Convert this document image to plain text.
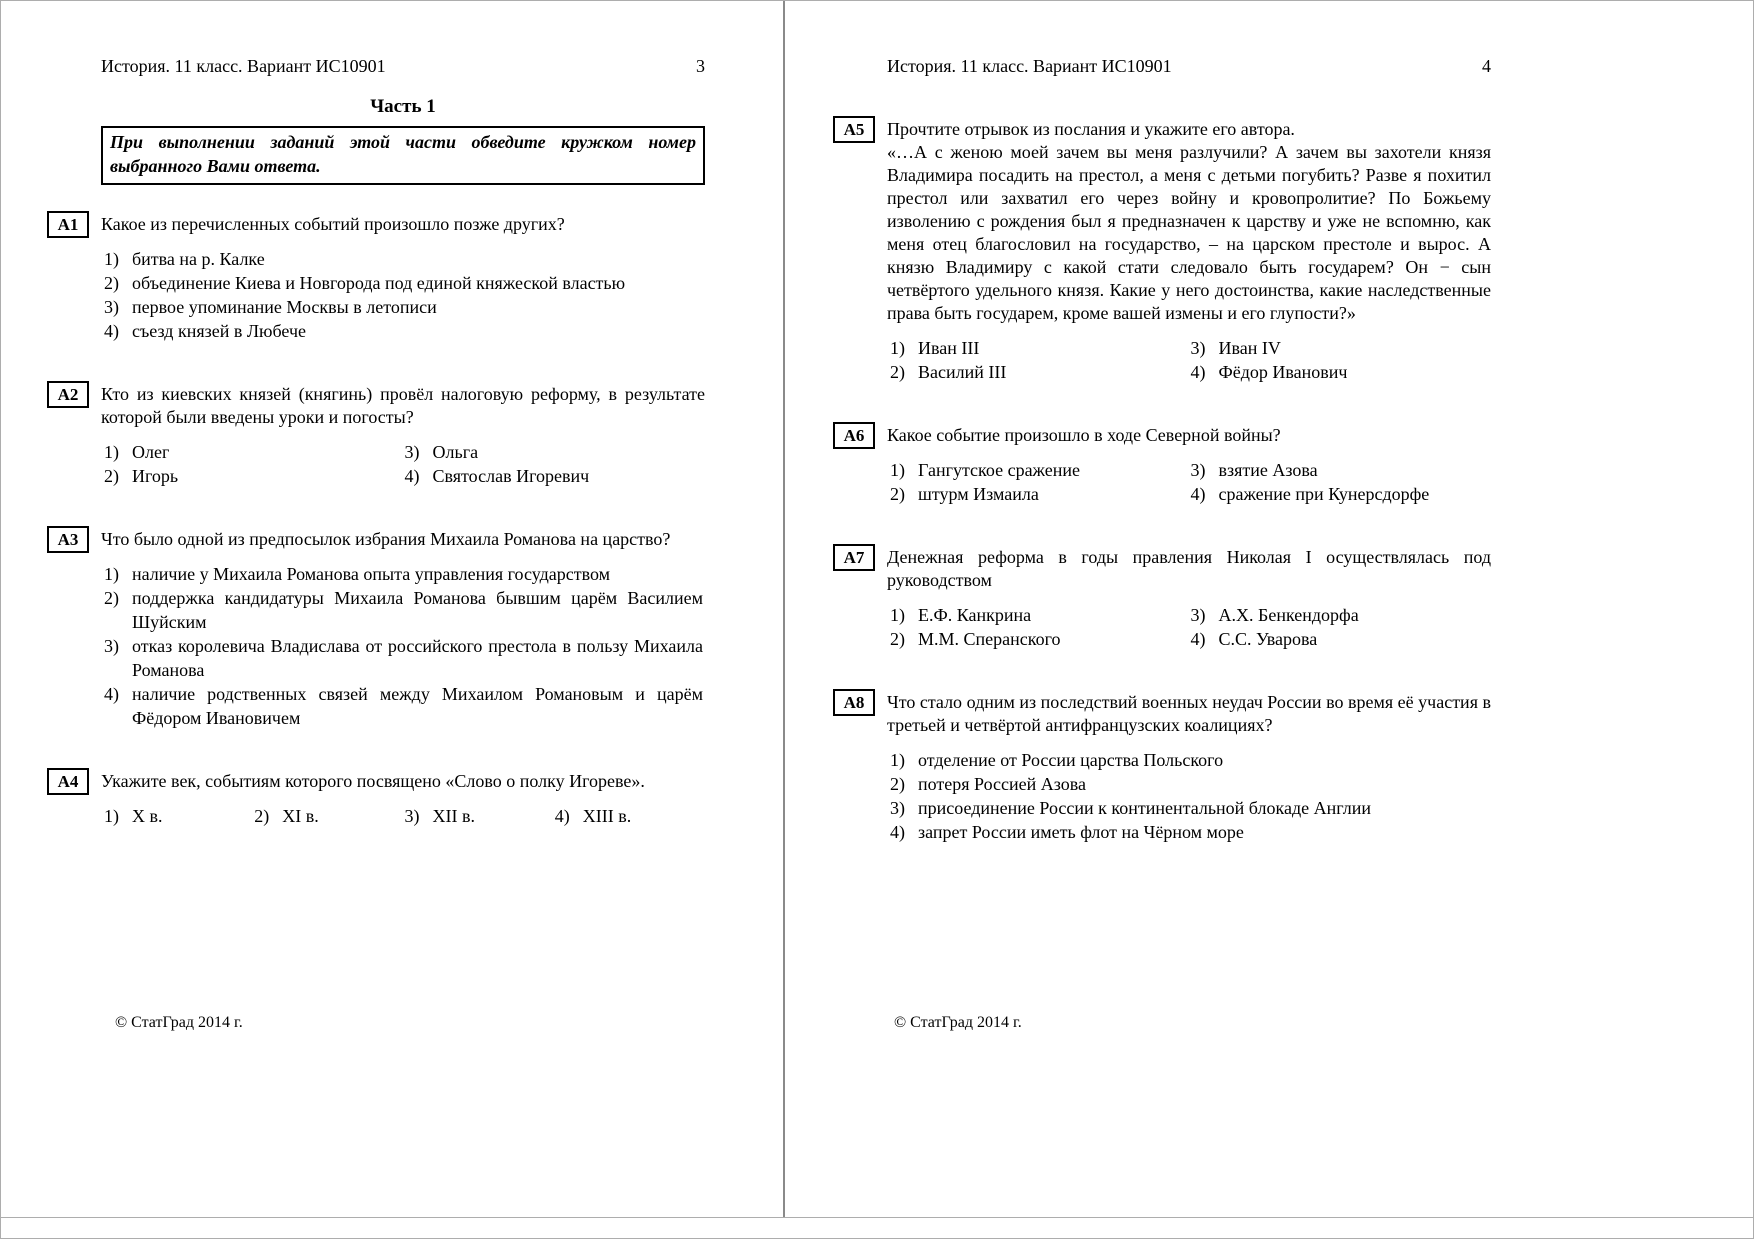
История. 11 класс. Вариант ИС10901	3
Часть 1
При выполнении заданий этой части обведите кружком номер выбранного Вами ответа.
А1	Какое из перечисленных событий произошло позже других?
1) битва на р. Калке
2) объединение Киева и Новгорода под единой княжеской властью
3) первое упоминание Москвы в летописи
4) съезд князей в Любече
А2	Кто из киевских князей (княгинь) провёл налоговую реформу, в результате которой были введены уроки и погосты?
1) Олег
2) Игорь
3) Ольга
4) Святослав Игоревич
А3	Что было одной из предпосылок избрания Михаила Романова на царство?
1) наличие у Михаила Романова опыта управления государством
2) поддержка кандидатуры Михаила Романова бывшим царём Василием Шуйским
3) отказ королевича Владислава от российского престола в пользу Михаила Романова
4) наличие родственных связей между Михаилом Романовым и царём Фёдором Ивановичем
А4	Укажите век, событиям которого посвящено «Слово о полку Игореве».
1) X в.	2) XI в.	3) XII в.	4) XIII в.
История. 11 класс. Вариант ИС10901	4
А5	Прочтите отрывок из послания и укажите его автора.
«…А с женою моей зачем вы меня разлучили? А зачем вы захотели князя Владимира посадить на престол, а меня с детьми погубить? Разве я похитил престол или захватил его через войну и кровопролитие? По Божьему изволению с рождения был я предназначен к царству и уже не вспомню, как меня отец благословил на государство, – на царском престоле и вырос. А князю Владимиру с какой стати следовало быть государем? Он − сын четвёртого удельного князя. Какие у него достоинства, какие наследственные права быть государем, кроме вашей измены и его глупости?»
1) Иван III
2) Василий III
3) Иван IV
4) Фёдор Иванович
А6	Какое событие произошло в ходе Северной войны?
1) Гангутское сражение
2) штурм Измаила
3) взятие Азова
4) сражение при Кунерсдорфе
А7	Денежная реформа в годы правления Николая I осуществлялась под руководством
1) Е.Ф. Канкрина
2) М.М. Сперанского
3) А.Х. Бенкендорфа
4) С.С. Уварова
А8	Что стало одним из последствий военных неудач России во время её участия в третьей и четвёртой антифранцузских коалициях?
1) отделение от России царства Польского
2) потеря Россией Азова
3) присоединение России к континентальной блокаде Англии
4) запрет России иметь флот на Чёрном море
© СтатГрад 2014 г.	© СтатГрад 2014 г.
